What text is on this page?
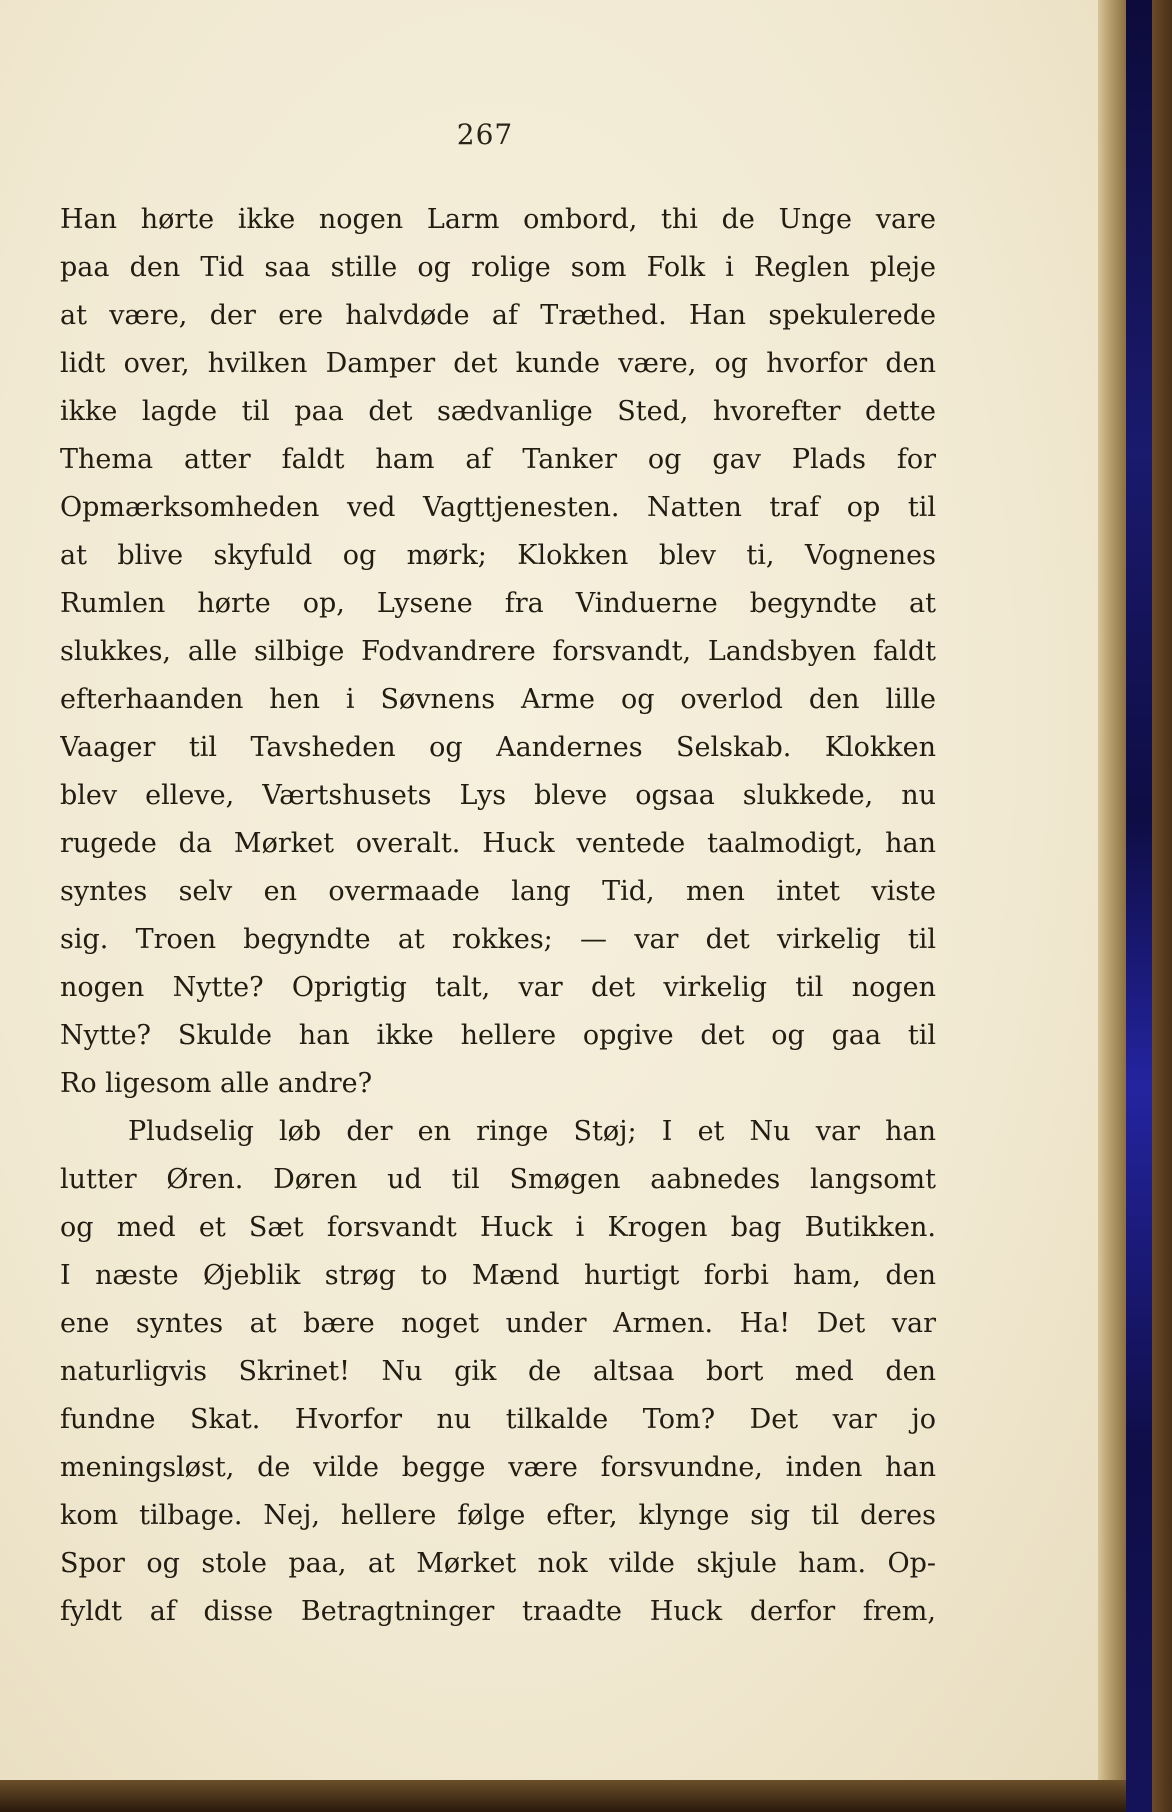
267
Han hørte ikke nogen Larm ombord, thi de Unge vare
paa den Tid saa stille og rolige som Folk i Reglen pleje
at være, der ere halvdøde af Træthed. Han spekulerede
lidt over, hvilken Damper det kunde være, og hvorfor den
ikke lagde til paa det sædvanlige Sted, hvorefter dette
Thema atter faldt ham af Tanker og gav Plads for
Opmærksomheden ved Vagttjenesten. Natten traf op til
at blive skyfuld og mørk; Klokken blev ti, Vognenes
Rumlen hørte op, Lysene fra Vinduerne begyndte at
slukkes, alle silbige Fodvandrere forsvandt, Landsbyen faldt
efterhaanden hen i Søvnens Arme og overlod den lille
Vaager til Tavsheden og Aandernes Selskab. Klokken
blev elleve, Værtshusets Lys bleve ogsaa slukkede, nu
rugede da Mørket overalt. Huck ventede taalmodigt, han
syntes selv en overmaade lang Tid, men intet viste
sig. Troen begyndte at rokkes; — var det virkelig til
nogen Nytte? Oprigtig talt, var det virkelig til nogen
Nytte? Skulde han ikke hellere opgive det og gaa til
Ro ligesom alle andre?
Pludselig løb der en ringe Støj; I et Nu var han
lutter Øren. Døren ud til Smøgen aabnedes langsomt
og med et Sæt forsvandt Huck i Krogen bag Butikken.
I næste Øjeblik strøg to Mænd hurtigt forbi ham, den
ene syntes at bære noget under Armen. Ha! Det var
naturligvis Skrinet! Nu gik de altsaa bort med den
fundne Skat. Hvorfor nu tilkalde Tom? Det var jo
meningsløst, de vilde begge være forsvundne, inden han
kom tilbage. Nej, hellere følge efter, klynge sig til deres
Spor og stole paa, at Mørket nok vilde skjule ham. Op-
fyldt af disse Betragtninger traadte Huck derfor frem,
